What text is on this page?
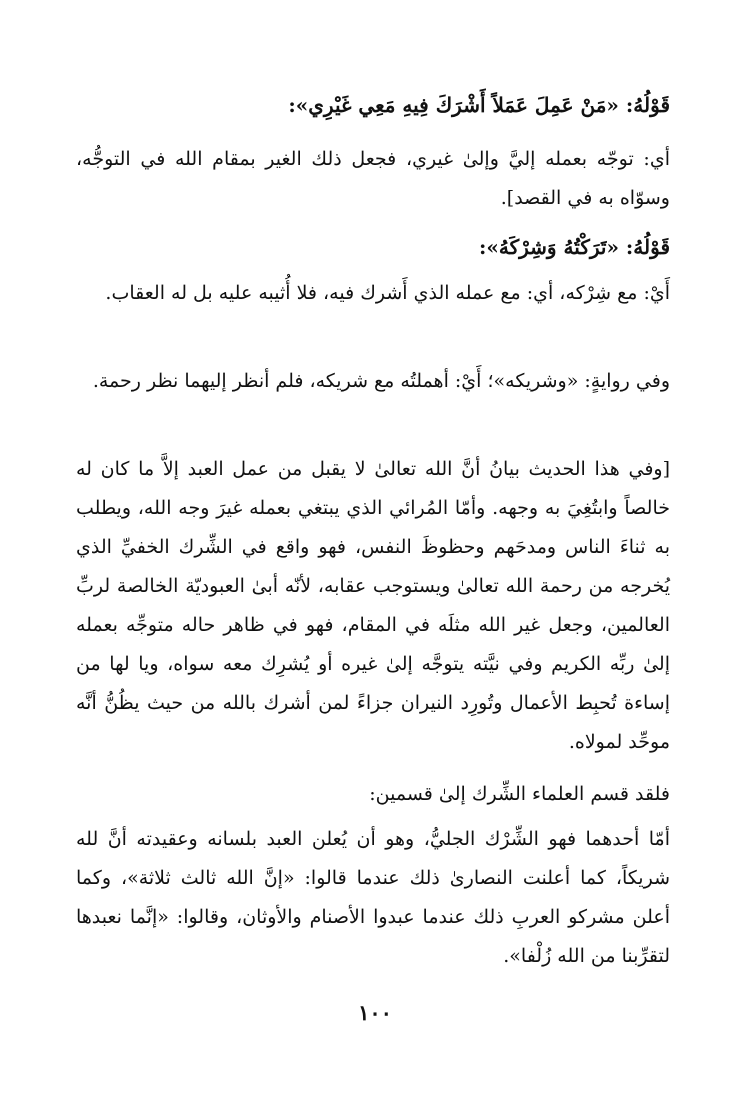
قَوْلُهُ: «مَنْ عَمِلَ عَمَلاً أَشْرَكَ فِيهِ مَعِي غَيْرِي»:
أي: توجّه بعمله إليَّ وإلىٰ غيري، فجعل ذلك الغير بمقام الله في التوجُّه، وسوّاه به في القصد].
قَوْلُهُ: «تَرَكْتُهُ وَشِرْكَهُ»:
أَيْ: مع شِرْكه، أي: مع عمله الذي أَشرك فيه، فلا أُثيبه عليه بل له العقاب.
وفي روايةٍ: «وشريكه»؛ أَيْ: أهملتُه مع شريكه، فلم أنظر إليهما نظر رحمة.
[وفي هذا الحديث بيانُ أنَّ الله تعالىٰ لا يقبل من عمل العبد إلاَّ ما كان له خالصاً وابتُغِيَ به وجهه. وأمّا المُرائي الذي يبتغي بعمله غيرَ وجه الله، ويطلب به ثناءَ الناس ومدحَهم وحظوظَ النفس، فهو واقع في الشِّرك الخفيِّ الذي يُخرجه من رحمة الله تعالىٰ ويستوجب عقابه، لأنّه أبىٰ العبوديّة الخالصة لربِّ العالمين، وجعل غير الله مثلَه في المقام، فهو في ظاهر حاله متوجِّه بعمله إلىٰ ربِّه الكريم وفي نيَّته يتوجَّه إلىٰ غيره أو يُشرِك معه سواه، ويا لها من إساءة تُحبِط الأعمال وتُورِد النيران جزاءً لمن أشرك بالله من حيث يظُنُّ أنَّه موحِّد لمولاه.
فلقد قسم العلماء الشِّرك إلىٰ قسمين:
أمّا أحدهما فهو الشِّرْك الجليُّ، وهو أن يُعلن العبد بلسانه وعقيدته أنَّ لله شريكاً، كما أعلنت النصارىٰ ذلك عندما قالوا: «إنَّ الله ثالث ثلاثة»، وكما أعلن مشركو العربِ ذلك عندما عبدوا الأصنام والأوثان، وقالوا: «إنَّما نعبدها لتقرِّبنا من الله زُلْفا».
١٠٠
